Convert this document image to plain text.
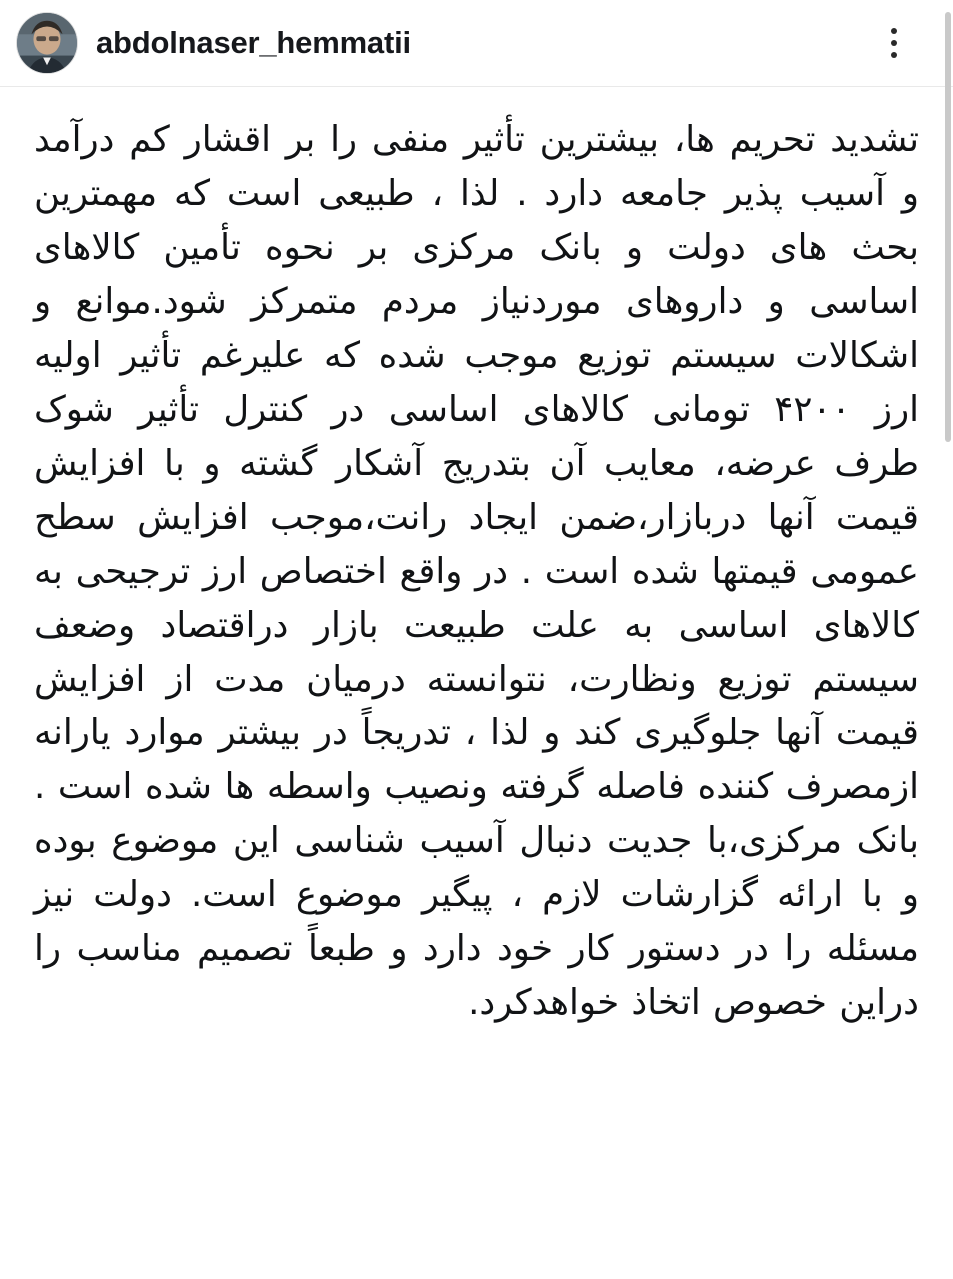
abdolnaser_hemmatii

تشدید تحریم ها، بیشترین تأثیر منفی را بر اقشار کم درآمد و آسیب پذیر جامعه دارد . لذا ، طبیعی است که مهمترین بحث های دولت و بانک مرکزی بر نحوه تأمین کالاهای اساسی و داروهای موردنیاز مردم متمرکز شود.موانع و اشکالات سیستم توزیع موجب شده که علیرغم تأثیر اولیه ارز ۴۲۰۰ تومانی کالاهای اساسی در کنترل تأثیر شوک طرف عرضه، معایب آن بتدریج آشکار گشته و با افزایش قیمت آنها دربازار،ضمن ایجاد رانت،موجب افزایش سطح عمومی قیمتها شده است . در واقع اختصاص ارز ترجیحی به کالاهای اساسی به علت طبیعت بازار دراقتصاد وضعف سیستم توزیع ونظارت، نتوانسته درمیان مدت از افزایش قیمت آنها جلوگیری کند و لذا ، تدریجاً در بیشتر موارد یارانه ازمصرف کننده فاصله گرفته ونصیب واسطه ها شده است . بانک مرکزی،با جدیت دنبال آسیب شناسی این موضوع بوده و با ارائه گزارشات لازم ، پیگیر موضوع است. دولت نیز مسئله را در دستور کار خود دارد و طبعاً تصمیم مناسب را دراین خصوص اتخاذ خواهدکرد.
